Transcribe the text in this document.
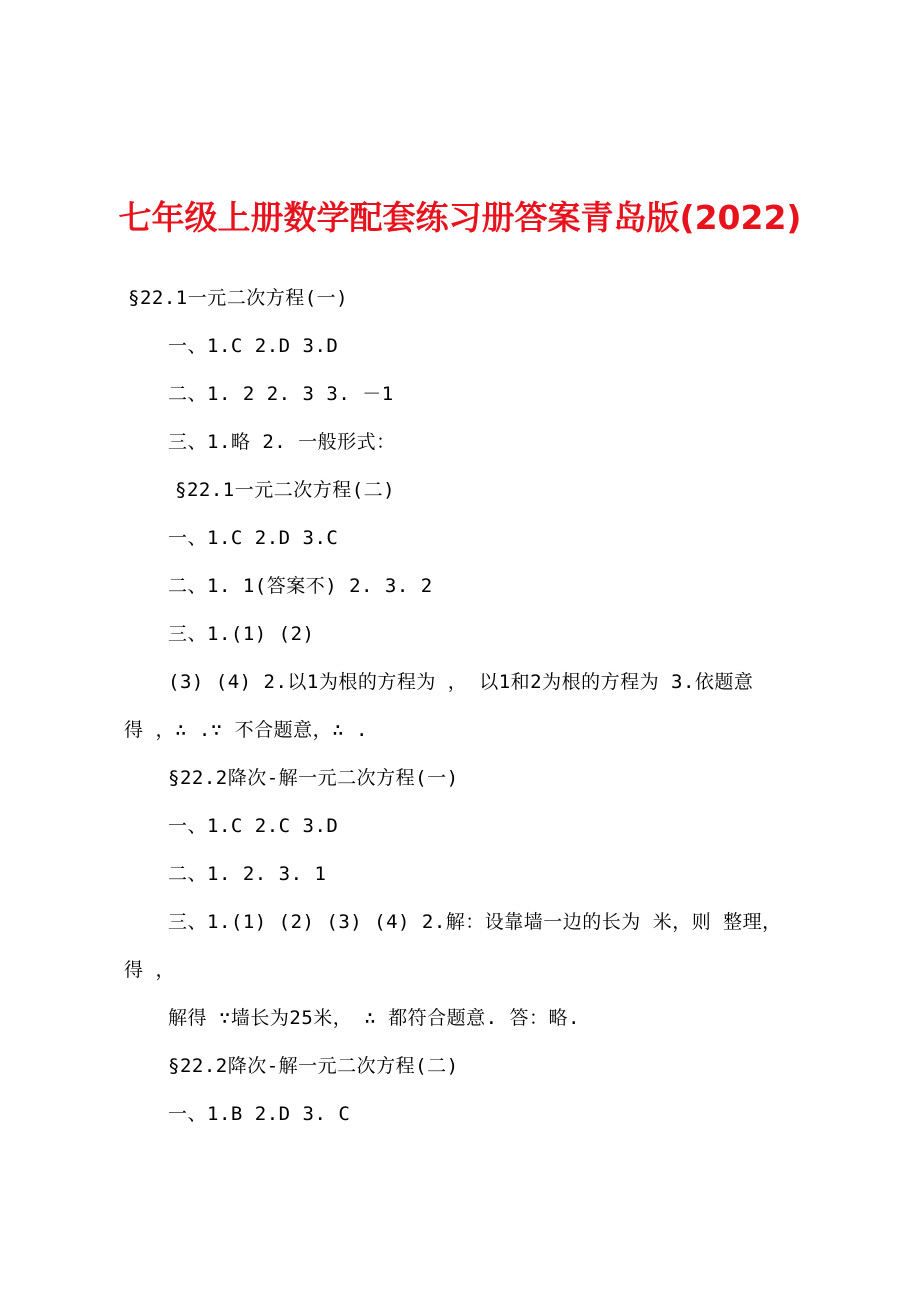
七年级上册数学配套练习册答案青岛版(2022)
§22.1一元二次方程(一)
一、1.C 2.D 3.D
二、1. 2 2. 3 3. －1
三、1.略 2. 一般形式：
§22.1一元二次方程(二)
一、1.C 2.D 3.C
二、1. 1(答案不) 2. 3. 2
三、1.(1) (2)
(3) (4) 2.以1为根的方程为 ， 以1和2为根的方程为 3.依题意
得 ，∴ .∵ 不合题意，∴ .
§22.2降次-解一元二次方程(一)
一、1.C 2.C 3.D
二、1. 2. 3. 1
三、1.(1) (2) (3) (4) 2.解：设靠墙一边的长为 米，则 整理，
得 ，
解得 ∵墙长为25米， ∴ 都符合题意. 答：略.
§22.2降次-解一元二次方程(二)
一、1.B 2.D 3. C
